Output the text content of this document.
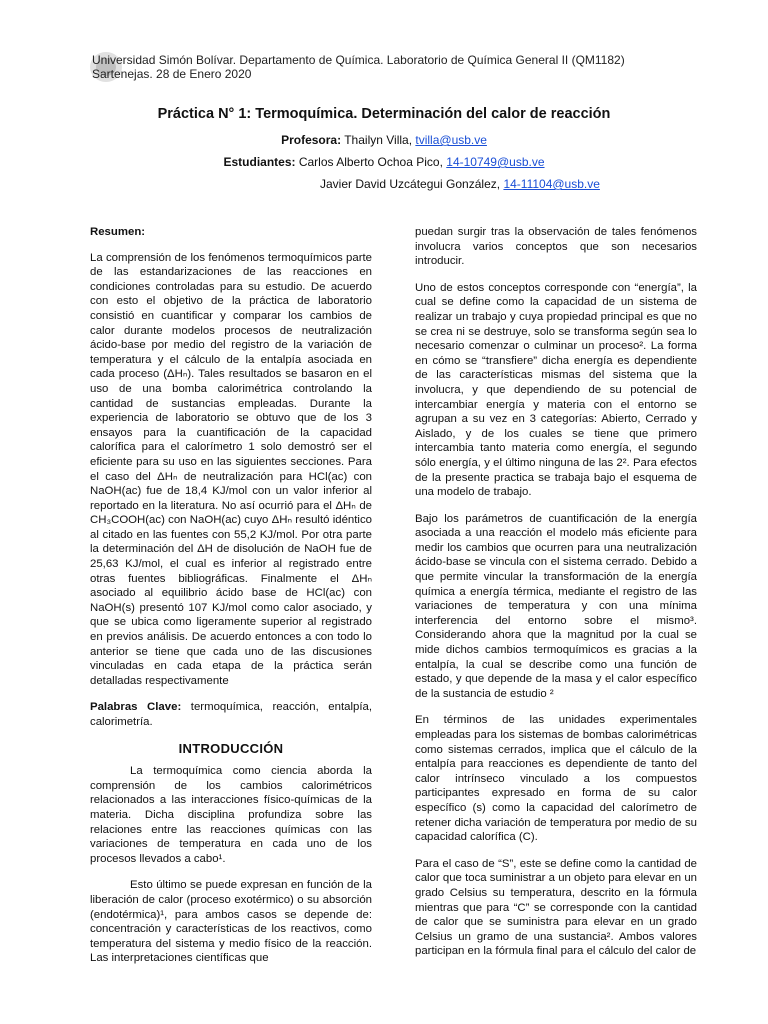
Universidad Simón Bolívar. Departamento de Química. Laboratorio de Química General II (QM1182)
Sartenejas. 28 de Enero 2020
Práctica N° 1: Termoquímica. Determinación del calor de reacción
Profesora: Thailyn Villa, tvilla@usb.ve
Estudiantes: Carlos Alberto Ochoa Pico, 14-10749@usb.ve
Javier David Uzcátegui González, 14-11104@usb.ve

Resumen:

La comprensión de los fenómenos termoquímicos parte de las estandarizaciones de las reacciones en condiciones controladas para su estudio. De acuerdo con esto el objetivo de la práctica de laboratorio consistió en cuantificar y comparar los cambios de calor durante modelos procesos de neutralización ácido-base por medio del registro de la variación de temperatura y el cálculo de la entalpía asociada en cada proceso (ΔHₙ). Tales resultados se basaron en el uso de una bomba calorimétrica controlando la cantidad de sustancias empleadas. Durante la experiencia de laboratorio se obtuvo que de los 3 ensayos para la cuantificación de la capacidad calorífica para el calorímetro 1 solo demostró ser el eficiente para su uso en las siguientes secciones. Para el caso del ΔHₙ de neutralización para HCl(ac) con NaOH(ac) fue de 18,4 KJ/mol con un valor inferior al reportado en la literatura. No así ocurrió para el ΔHₙ de CH₃COOH(ac) con NaOH(ac) cuyo ΔHₙ resultó idéntico al citado en las fuentes con 55,2 KJ/mol. Por otra parte la determinación del ΔH de disolución de NaOH fue de 25,63 KJ/mol, el cual es inferior al registrado entre otras fuentes bibliográficas. Finalmente el ΔHₙ asociado al equilibrio ácido base de HCl(ac) con NaOH(s) presentó 107 KJ/mol como calor asociado, y que se ubica como ligeramente superior al registrado en previos análisis. De acuerdo entonces a con todo lo anterior se tiene que cada uno de las discusiones vinculadas en cada etapa de la práctica serán detalladas respectivamente

Palabras Clave: termoquímica, reacción, entalpía, calorimetría.

INTRODUCCIÓN

La termoquímica como ciencia aborda la comprensión de los cambios calorimétricos relacionados a las interacciones físico-químicas de la materia. Dicha disciplina profundiza sobre las relaciones entre las reacciones químicas con las variaciones de temperatura en cada uno de los procesos llevados a cabo¹.

Esto último se puede expresan en función de la liberación de calor (proceso exotérmico) o su absorción (endotérmica)¹, para ambos casos se depende de: concentración y características de los reactivos, como temperatura del sistema y medio físico de la reacción. Las interpretaciones científicas que

puedan surgir tras la observación de tales fenómenos involucra varios conceptos que son necesarios introducir.

Uno de estos conceptos corresponde con “energía”, la cual se define como la capacidad de un sistema de realizar un trabajo y cuya propiedad principal es que no se crea ni se destruye, solo se transforma según sea lo necesario comenzar o culminar un proceso². La forma en cómo se “transfiere” dicha energía es dependiente de las características mismas del sistema que la involucra, y que dependiendo de su potencial de intercambiar energía y materia con el entorno se agrupan a su vez en 3 categorías: Abierto, Cerrado y Aislado, y de los cuales se tiene que primero intercambia tanto materia como energía, el segundo sólo energía, y el último ninguna de las 2². Para efectos de la presente practica se trabaja bajo el esquema de una modelo de trabajo.

Bajo los parámetros de cuantificación de la energía asociada a una reacción el modelo más eficiente para medir los cambios que ocurren para una neutralización ácido-base se vincula con el sistema cerrado. Debido a que permite vincular la transformación de la energía química a energía térmica, mediante el registro de las variaciones de temperatura y con una mínima interferencia del entorno sobre el mismo³. Considerando ahora que la magnitud por la cual se mide dichos cambios termoquímicos es gracias a la entalpía, la cual se describe como una función de estado, y que depende de la masa y el calor específico de la sustancia de estudio ²

En términos de las unidades experimentales empleadas para los sistemas de bombas calorimétricas como sistemas cerrados, implica que el cálculo de la entalpía para reacciones es dependiente de tanto del calor intrínseco vinculado a los compuestos participantes expresado en forma de su calor específico (s) como la capacidad del calorímetro de retener dicha variación de temperatura por medio de su capacidad calorífica (C).

Para el caso de “S”, este se define como la cantidad de calor que toca suministrar a un objeto para elevar en un grado Celsius su temperatura, descrito en la fórmula mientras que para “C” se corresponde con la cantidad de calor que se suministra para elevar en un grado Celsius un gramo de una sustancia². Ambos valores participan en la fórmula final para el cálculo del calor de
